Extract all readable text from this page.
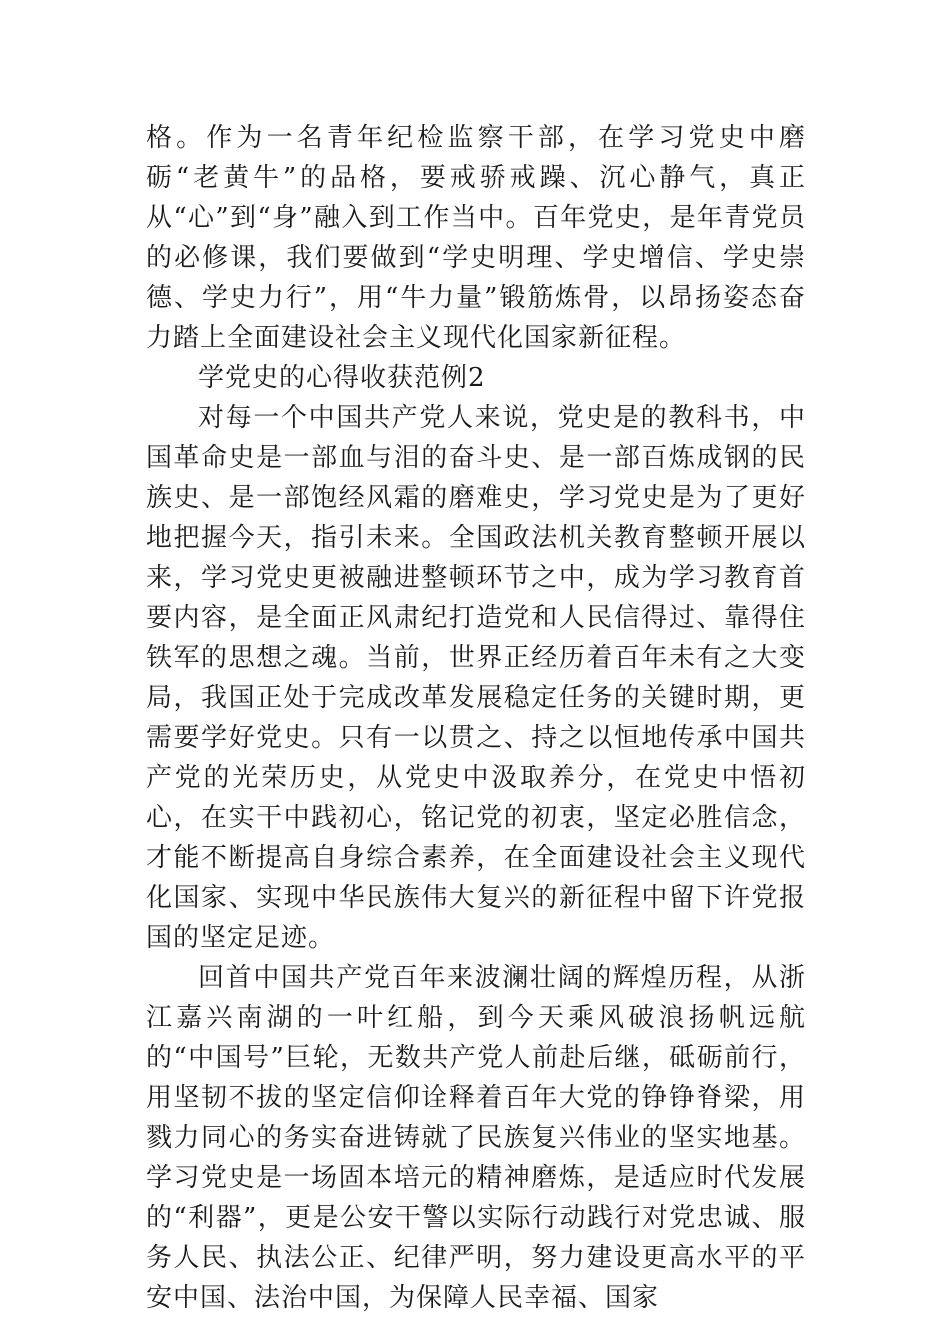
格。作为一名青年纪检监察干部，在学习党史中磨砺“老黄牛”的品格，要戒骄戒躁、沉心静气，真正从“心”到“身”融入到工作当中。百年党史，是年青党员的必修课，我们要做到“学史明理、学史增信、学史崇德、学史力行”，用“牛力量”锻筋炼骨，以昂扬姿态奋力踏上全面建设社会主义现代化国家新征程。

学党史的心得收获范例2

对每一个中国共产党人来说，党史是的教科书，中国革命史是一部血与泪的奋斗史、是一部百炼成钢的民族史、是一部饱经风霜的磨难史，学习党史是为了更好地把握今天，指引未来。全国政法机关教育整顿开展以来，学习党史更被融进整顿环节之中，成为学习教育首要内容，是全面正风肃纪打造党和人民信得过、靠得住铁军的思想之魂。当前，世界正经历着百年未有之大变局，我国正处于完成改革发展稳定任务的关键时期，更需要学好党史。只有一以贯之、持之以恒地传承中国共产党的光荣历史，从党史中汲取养分，在党史中悟初心，在实干中践初心，铭记党的初衷，坚定必胜信念，才能不断提高自身综合素养，在全面建设社会主义现代化国家、实现中华民族伟大复兴的新征程中留下许党报国的坚定足迹。

回首中国共产党百年来波澜壮阔的辉煌历程，从浙江嘉兴南湖的一叶红船，到今天乘风破浪扬帆远航的“中国号”巨轮，无数共产党人前赴后继，砥砺前行，用坚韧不拔的坚定信仰诠释着百年大党的铮铮脊梁，用戮力同心的务实奋进铸就了民族复兴伟业的坚实地基。学习党史是一场固本培元的精神磨炼，是适应时代发展的“利器”，更是公安干警以实际行动践行对党忠诚、服务人民、执法公正、纪律严明，努力建设更高水平的平安中国、法治中国，为保障人民幸福、国家
